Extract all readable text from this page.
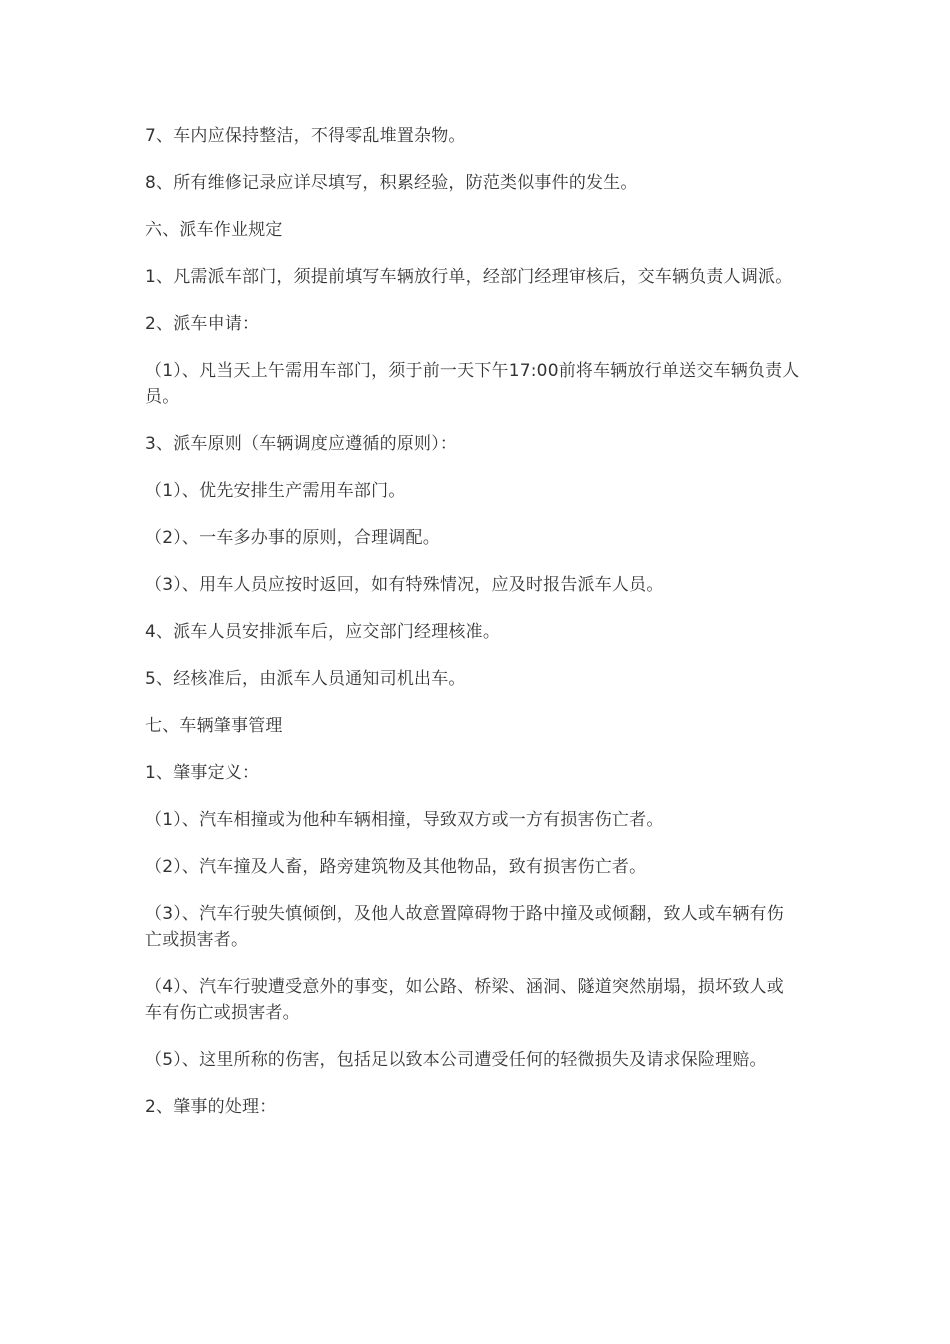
7、车内应保持整洁，不得零乱堆置杂物。

8、所有维修记录应详尽填写，积累经验，防范类似事件的发生。

六、派车作业规定

1、凡需派车部门，须提前填写车辆放行单，经部门经理审核后，交车辆负责人调派。

2、派车申请：

（1）、凡当天上午需用车部门，须于前一天下午17:00前将车辆放行单送交车辆负责人员。

3、派车原则（车辆调度应遵循的原则）：

（1）、优先安排生产需用车部门。

（2）、一车多办事的原则，合理调配。

（3）、用车人员应按时返回，如有特殊情况，应及时报告派车人员。

4、派车人员安排派车后，应交部门经理核准。

5、经核准后，由派车人员通知司机出车。

七、车辆肇事管理

1、肇事定义：

（1）、汽车相撞或为他种车辆相撞，导致双方或一方有损害伤亡者。

（2）、汽车撞及人畜，路旁建筑物及其他物品，致有损害伤亡者。

（3）、汽车行驶失慎倾倒，及他人故意置障碍物于路中撞及或倾翻，致人或车辆有伤亡或损害者。

（4）、汽车行驶遭受意外的事变，如公路、桥梁、涵洞、隧道突然崩塌，损坏致人或车有伤亡或损害者。

（5）、这里所称的伤害，包括足以致本公司遭受任何的轻微损失及请求保险理赔。

2、肇事的处理：
